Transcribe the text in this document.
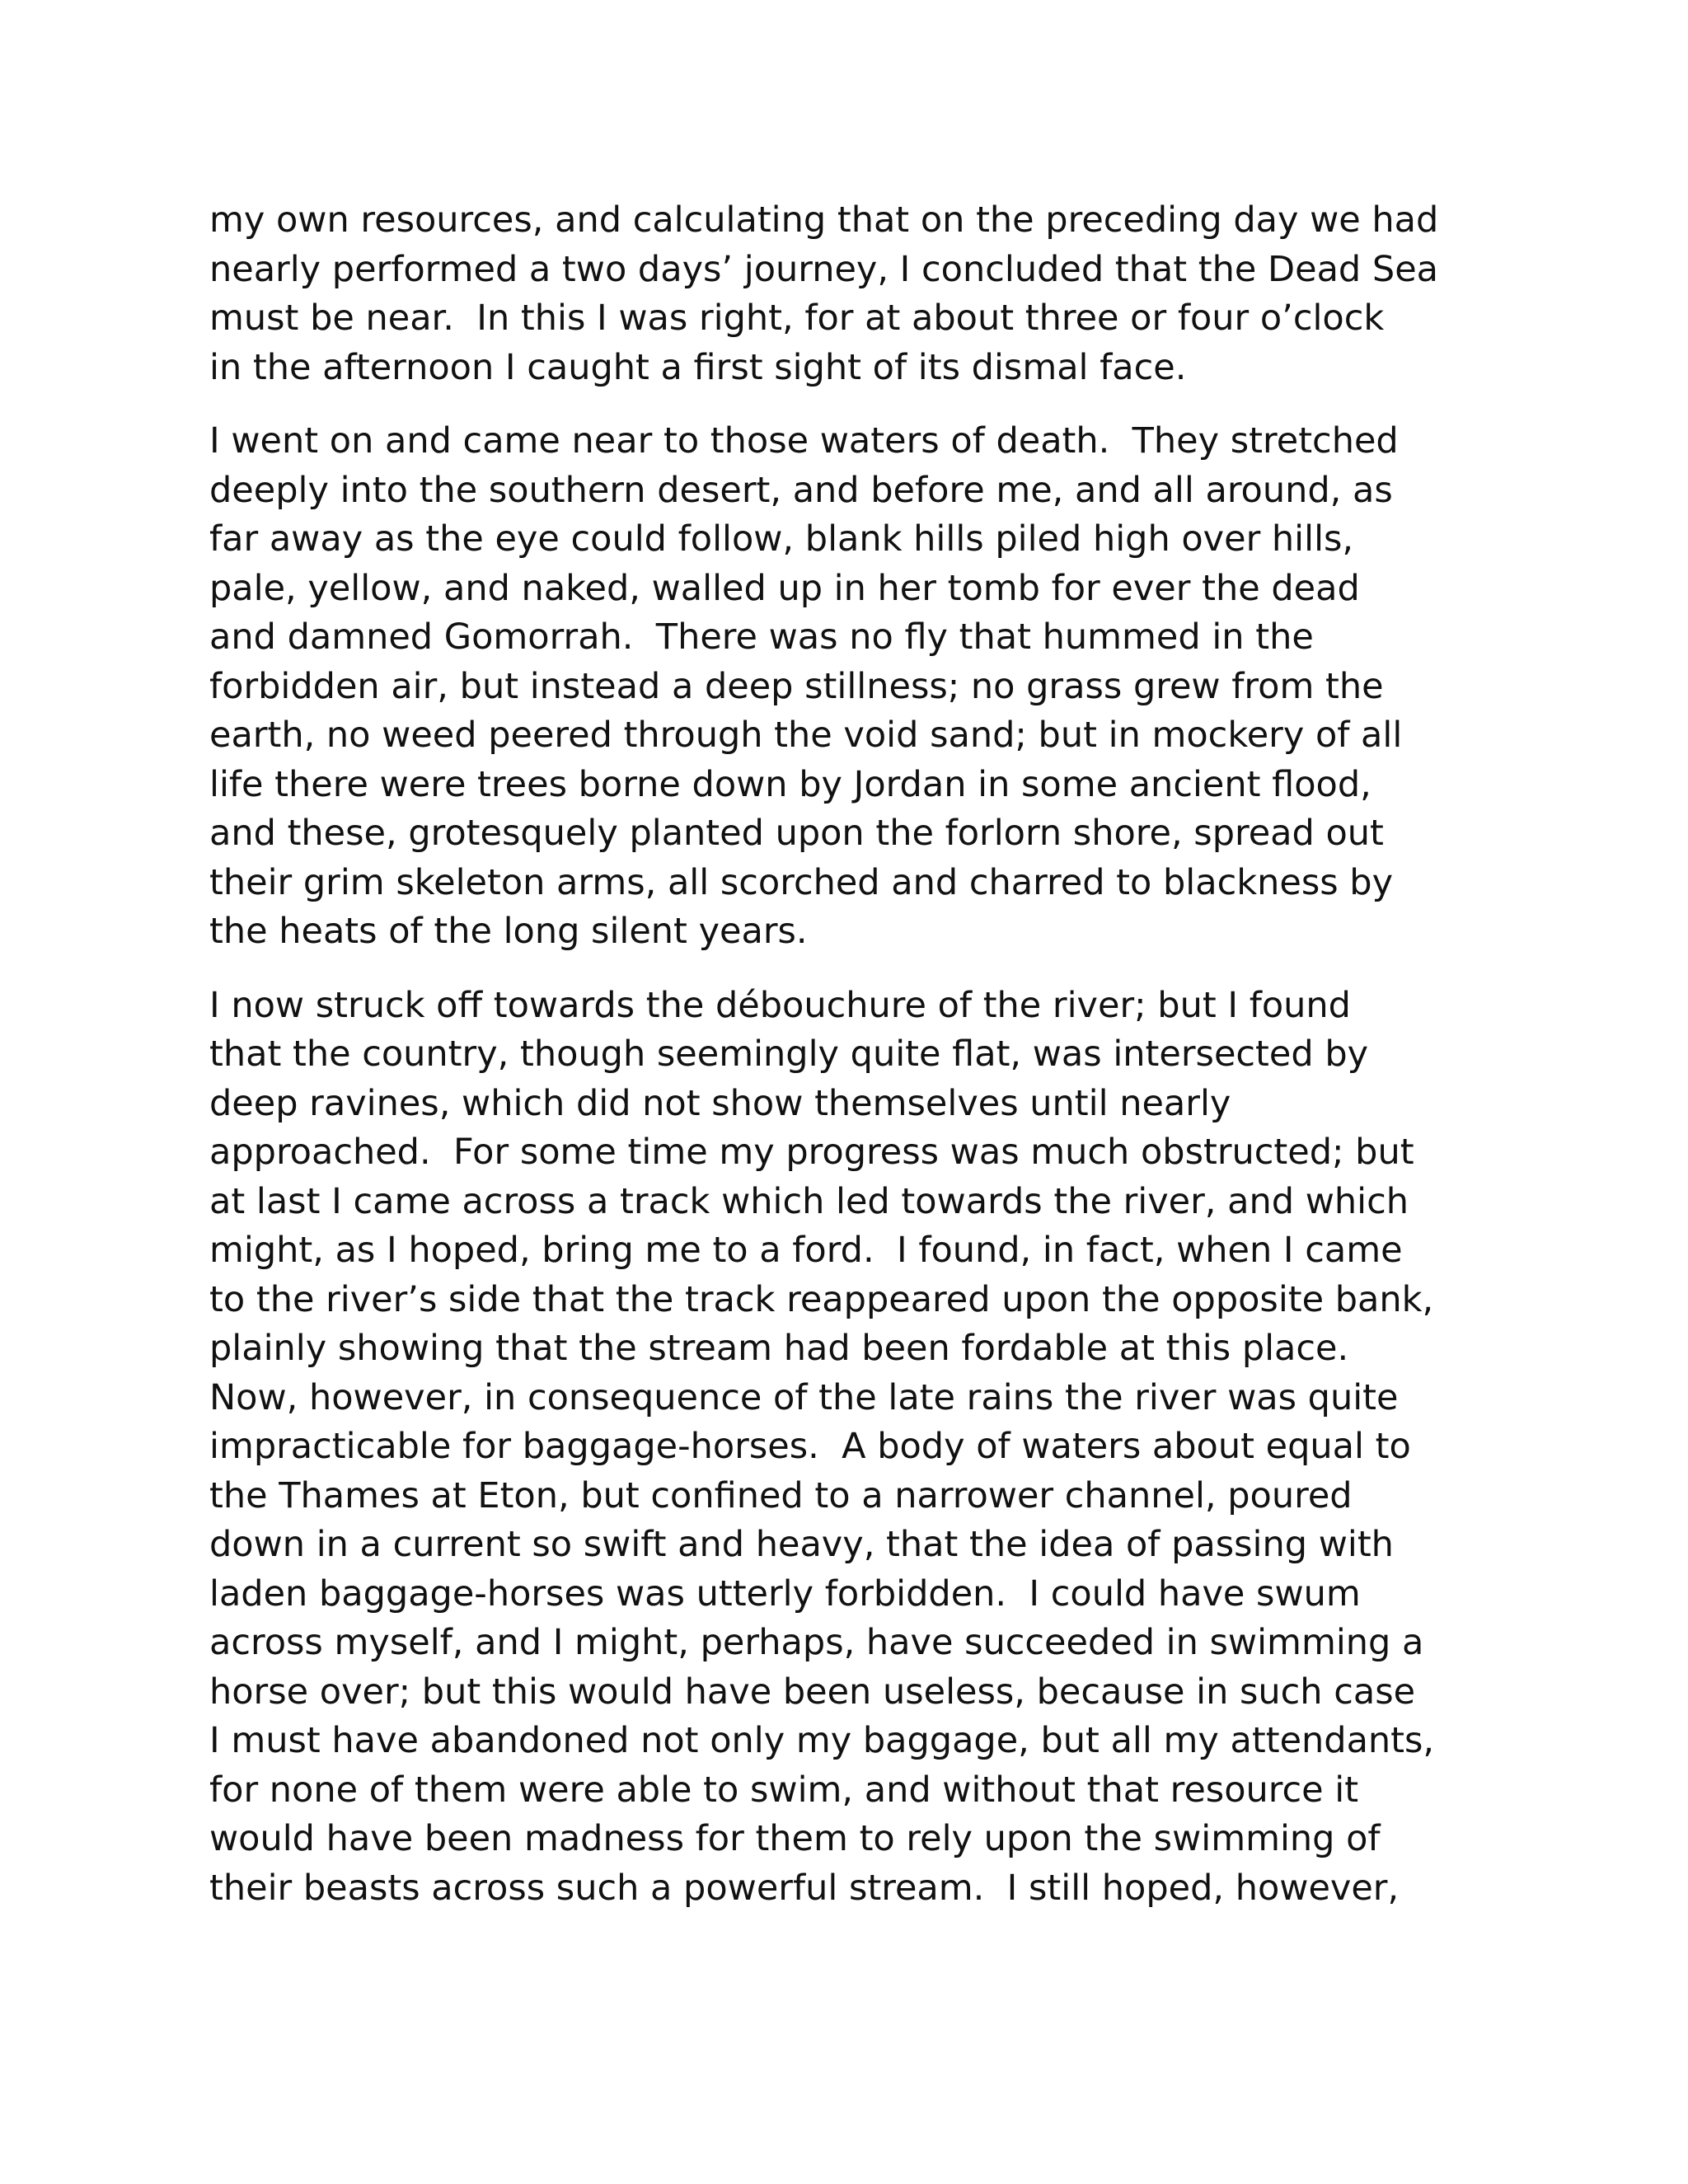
my own resources, and calculating that on the preceding day we had
nearly performed a two days’ journey, I concluded that the Dead Sea
must be near.  In this I was right, for at about three or four o’clock
in the afternoon I caught a first sight of its dismal face.

I went on and came near to those waters of death.  They stretched
deeply into the southern desert, and before me, and all around, as
far away as the eye could follow, blank hills piled high over hills,
pale, yellow, and naked, walled up in her tomb for ever the dead
and damned Gomorrah.  There was no fly that hummed in the
forbidden air, but instead a deep stillness; no grass grew from the
earth, no weed peered through the void sand; but in mockery of all
life there were trees borne down by Jordan in some ancient flood,
and these, grotesquely planted upon the forlorn shore, spread out
their grim skeleton arms, all scorched and charred to blackness by
the heats of the long silent years.

I now struck off towards the débouchure of the river; but I found
that the country, though seemingly quite flat, was intersected by
deep ravines, which did not show themselves until nearly
approached.  For some time my progress was much obstructed; but
at last I came across a track which led towards the river, and which
might, as I hoped, bring me to a ford.  I found, in fact, when I came
to the river’s side that the track reappeared upon the opposite bank,
plainly showing that the stream had been fordable at this place.
Now, however, in consequence of the late rains the river was quite
impracticable for baggage-horses.  A body of waters about equal to
the Thames at Eton, but confined to a narrower channel, poured
down in a current so swift and heavy, that the idea of passing with
laden baggage-horses was utterly forbidden.  I could have swum
across myself, and I might, perhaps, have succeeded in swimming a
horse over; but this would have been useless, because in such case
I must have abandoned not only my baggage, but all my attendants,
for none of them were able to swim, and without that resource it
would have been madness for them to rely upon the swimming of
their beasts across such a powerful stream.  I still hoped, however,
